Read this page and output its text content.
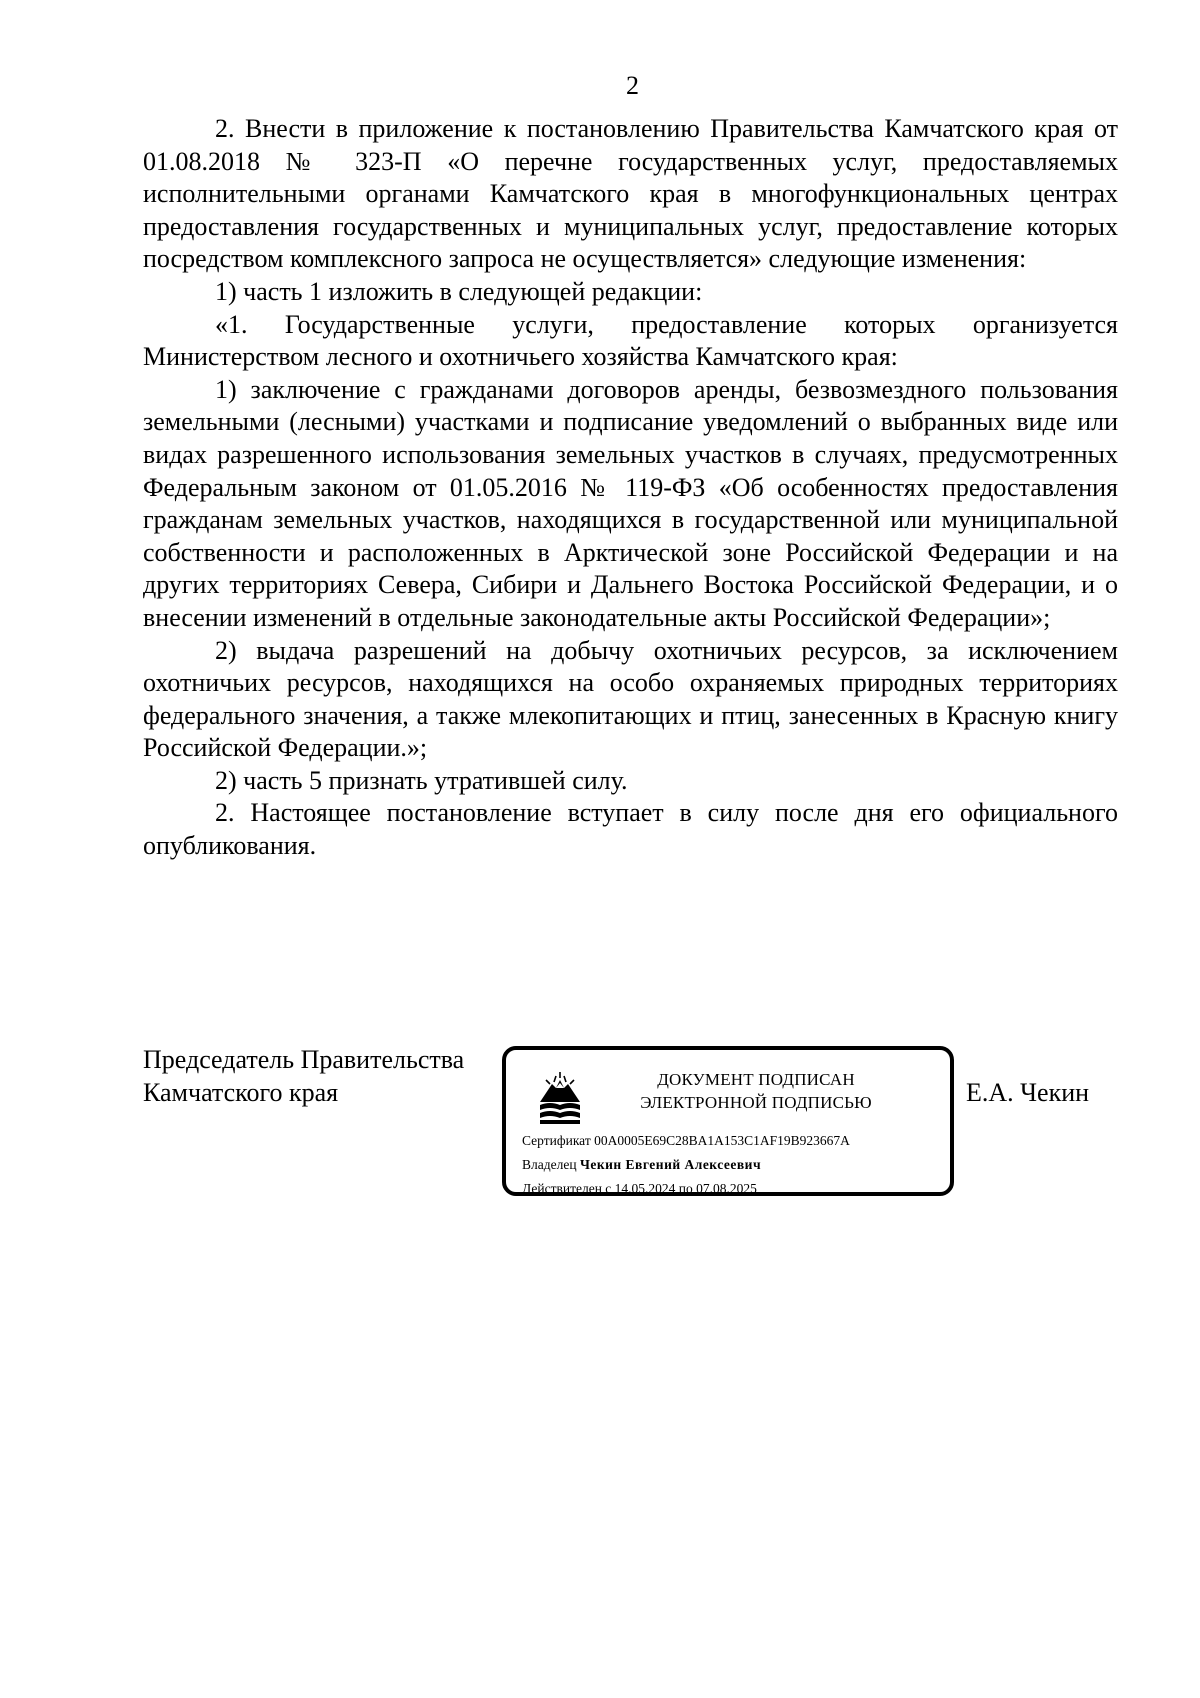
2

2. Внести в приложение к постановлению Правительства Камчатского края от 01.08.2018 № 323-П «О перечне государственных услуг, предоставляемых исполнительными органами Камчатского края в многофункциональных центрах предоставления государственных и муниципальных услуг, предоставление которых посредством комплексного запроса не осуществляется» следующие изменения:

1) часть 1 изложить в следующей редакции:

«1. Государственные услуги, предоставление которых организуется Министерством лесного и охотничьего хозяйства Камчатского края:

1) заключение с гражданами договоров аренды, безвозмездного пользования земельными (лесными) участками и подписание уведомлений о выбранных виде или видах разрешенного использования земельных участков в случаях, предусмотренных Федеральным законом от 01.05.2016 № 119-ФЗ «Об особенностях предоставления гражданам земельных участков, находящихся в государственной или муниципальной собственности и расположенных в Арктической зоне Российской Федерации и на других территориях Севера, Сибири и Дальнего Востока Российской Федерации, и о внесении изменений в отдельные законодательные акты Российской Федерации»;

2) выдача разрешений на добычу охотничьих ресурсов, за исключением охотничьих ресурсов, находящихся на особо охраняемых природных территориях федерального значения, а также млекопитающих и птиц, занесенных в Красную книгу Российской Федерации.»;

2) часть 5 признать утратившей силу.

2. Настоящее постановление вступает в силу после дня его официального опубликования.

Председатель Правительства
Камчатского края	ДОКУМЕНТ ПОДПИСАН
ЭЛЕКТРОННОЙ ПОДПИСЬЮ
Сертификат 00A0005E69C28BA1A153C1AF19B923667A
Владелец Чекин Евгений Алексеевич
Действителен с 14.05.2024 по 07.08.2025
Е.А. Чекин
